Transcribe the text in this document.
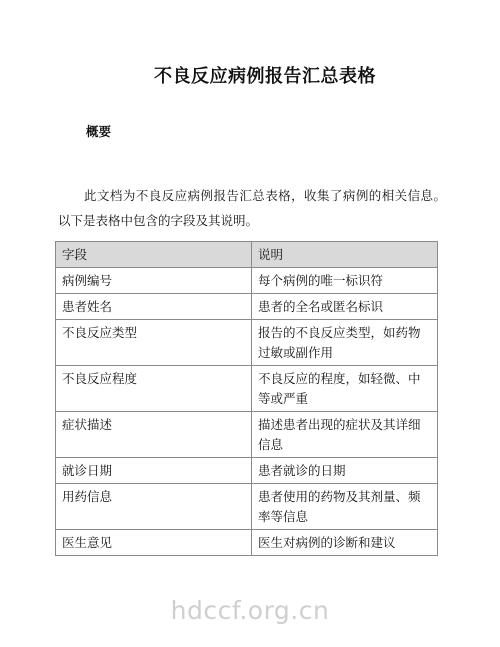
不良反应病例报告汇总表格
概要

此文档为不良反应病例报告汇总表格，收集了病例的相关信息。以下是表格中包含的字段及其说明。

字段	说明
病例编号	每个病例的唯一标识符
患者姓名	患者的全名或匿名标识
不良反应类型	报告的不良反应类型，如药物过敏或副作用
不良反应程度	不良反应的程度，如轻微、中等或严重
症状描述	描述患者出现的症状及其详细信息
就诊日期	患者就诊的日期
用药信息	患者使用的药物及其剂量、频率等信息
医生意见	医生对病例的诊断和建议
hdccf.org.cn
